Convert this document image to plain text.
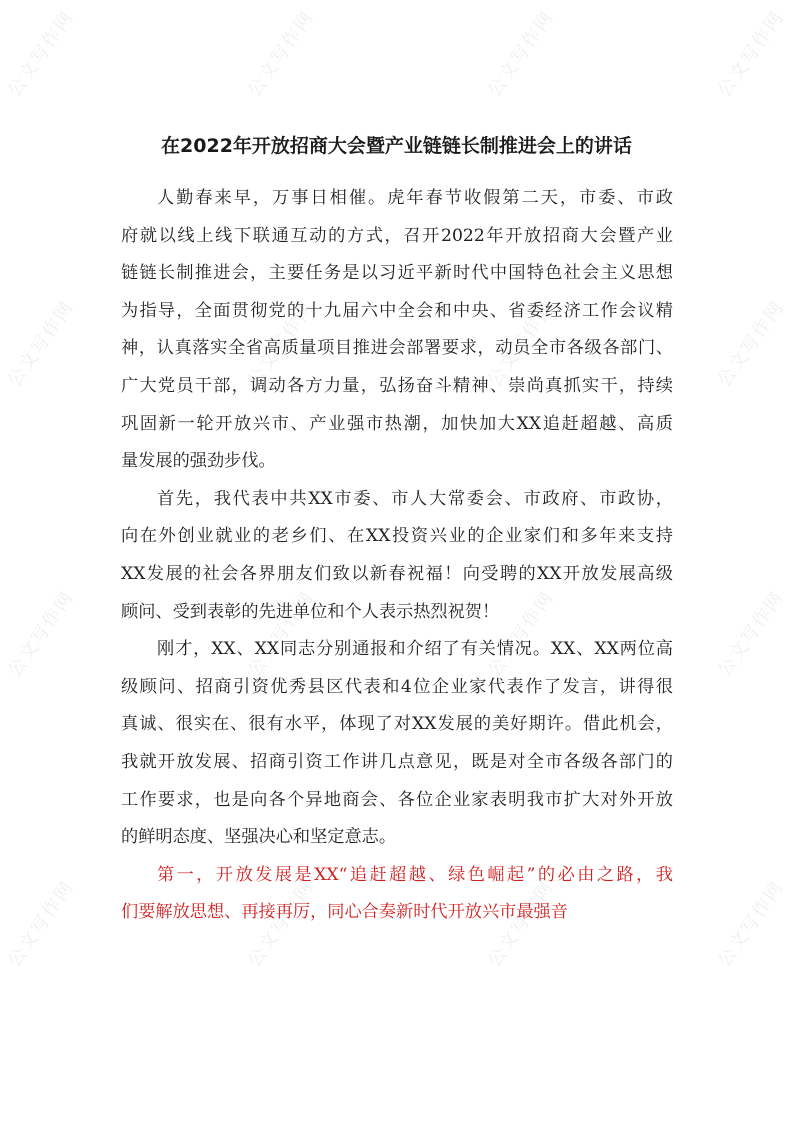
公文写作网	公文写作网	公文写作网	公文写作网
公文写作网	公文写作网	公文写作网	公文写作网
公文写作网	公文写作网	公文写作网	公文写作网
公文写作网	公文写作网	公文写作网	公文写作网
在2022年开放招商大会暨产业链链长制推进会上的讲话
人勤春来早，万事日相催。虎年春节收假第二天，市委、市政
府就以线上线下联通互动的方式，召开2022年开放招商大会暨产业
链链长制推进会，主要任务是以习近平新时代中国特色社会主义思想
为指导，全面贯彻党的十九届六中全会和中央、省委经济工作会议精
神，认真落实全省高质量项目推进会部署要求，动员全市各级各部门、
广大党员干部，调动各方力量，弘扬奋斗精神、崇尚真抓实干，持续
巩固新一轮开放兴市、产业强市热潮，加快加大XX追赶超越、高质
量发展的强劲步伐。
首先，我代表中共XX市委、市人大常委会、市政府、市政协，
向在外创业就业的老乡们、在XX投资兴业的企业家们和多年来支持
XX发展的社会各界朋友们致以新春祝福！向受聘的XX开放发展高级
顾问、受到表彰的先进单位和个人表示热烈祝贺！
刚才，XX、XX同志分别通报和介绍了有关情况。XX、XX两位高
级顾问、招商引资优秀县区代表和4位企业家代表作了发言，讲得很
真诚、很实在、很有水平，体现了对XX发展的美好期许。借此机会，
我就开放发展、招商引资工作讲几点意见，既是对全市各级各部门的
工作要求，也是向各个异地商会、各位企业家表明我市扩大对外开放
的鲜明态度、坚强决心和坚定意志。
第一，开放发展是XX“追赶超越、绿色崛起”的必由之路，我
们要解放思想、再接再厉，同心合奏新时代开放兴市最强音
